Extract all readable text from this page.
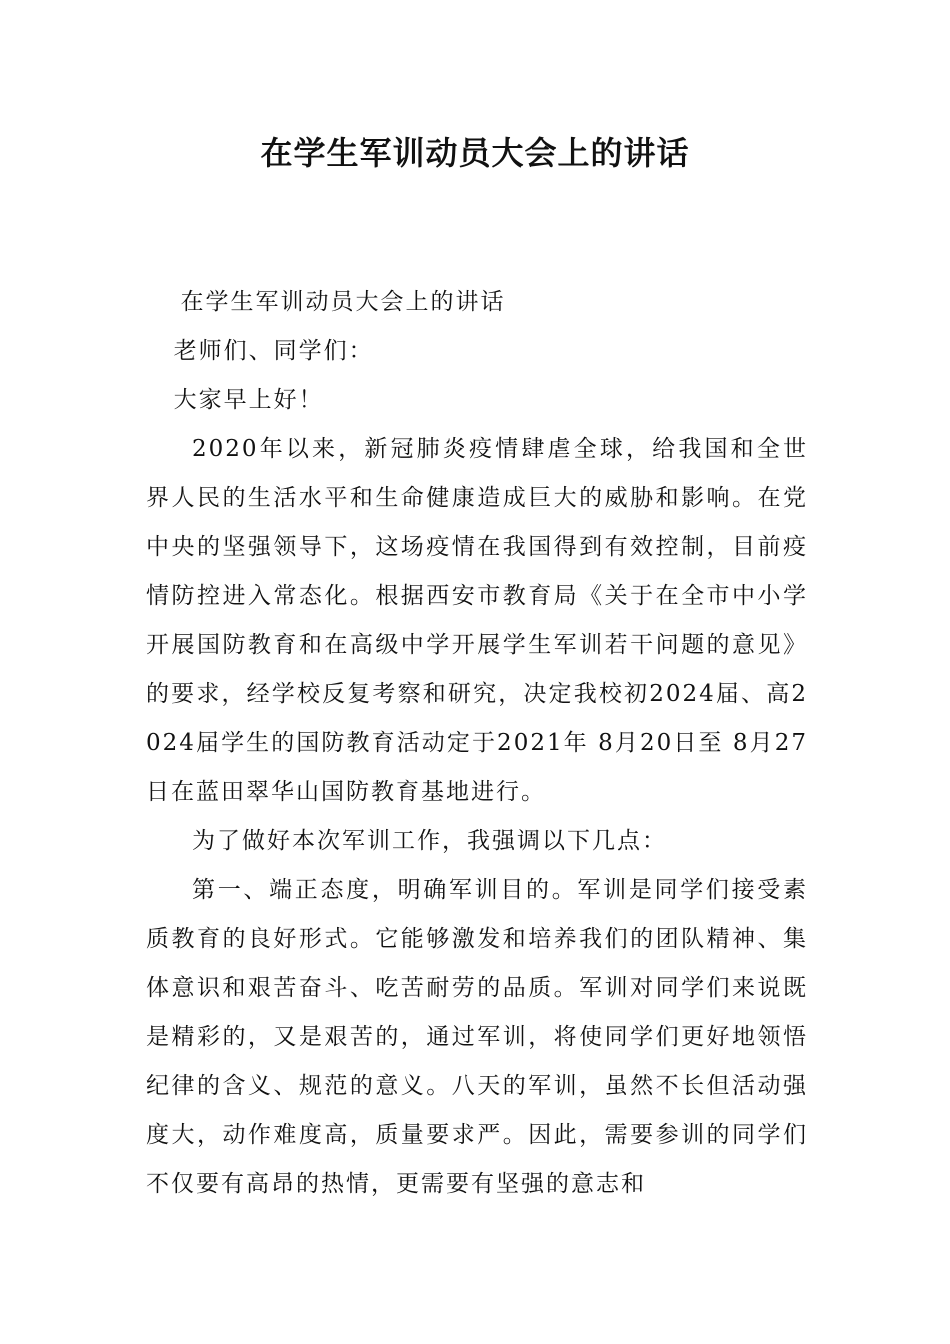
在学生军训动员大会上的讲话

在学生军训动员大会上的讲话

老师们、同学们：

大家早上好！

2020年以来，新冠肺炎疫情肆虐全球，给我国和全世界人民的生活水平和生命健康造成巨大的威胁和影响。在党中央的坚强领导下，这场疫情在我国得到有效控制，目前疫情防控进入常态化。根据西安市教育局《关于在全市中小学开展国防教育和在高级中学开展学生军训若干问题的意见》的要求，经学校反复考察和研究，决定我校初2024届、高2024届学生的国防教育活动定于2021年 8月20日至 8月27日在蓝田翠华山国防教育基地进行。

为了做好本次军训工作，我强调以下几点：

第一、端正态度，明确军训目的。军训是同学们接受素质教育的良好形式。它能够激发和培养我们的团队精神、集体意识和艰苦奋斗、吃苦耐劳的品质。军训对同学们来说既是精彩的，又是艰苦的，通过军训，将使同学们更好地领悟纪律的含义、规范的意义。八天的军训，虽然不长但活动强度大，动作难度高，质量要求严。因此，需要参训的同学们不仅要有高昂的热情，更需要有坚强的意志和
